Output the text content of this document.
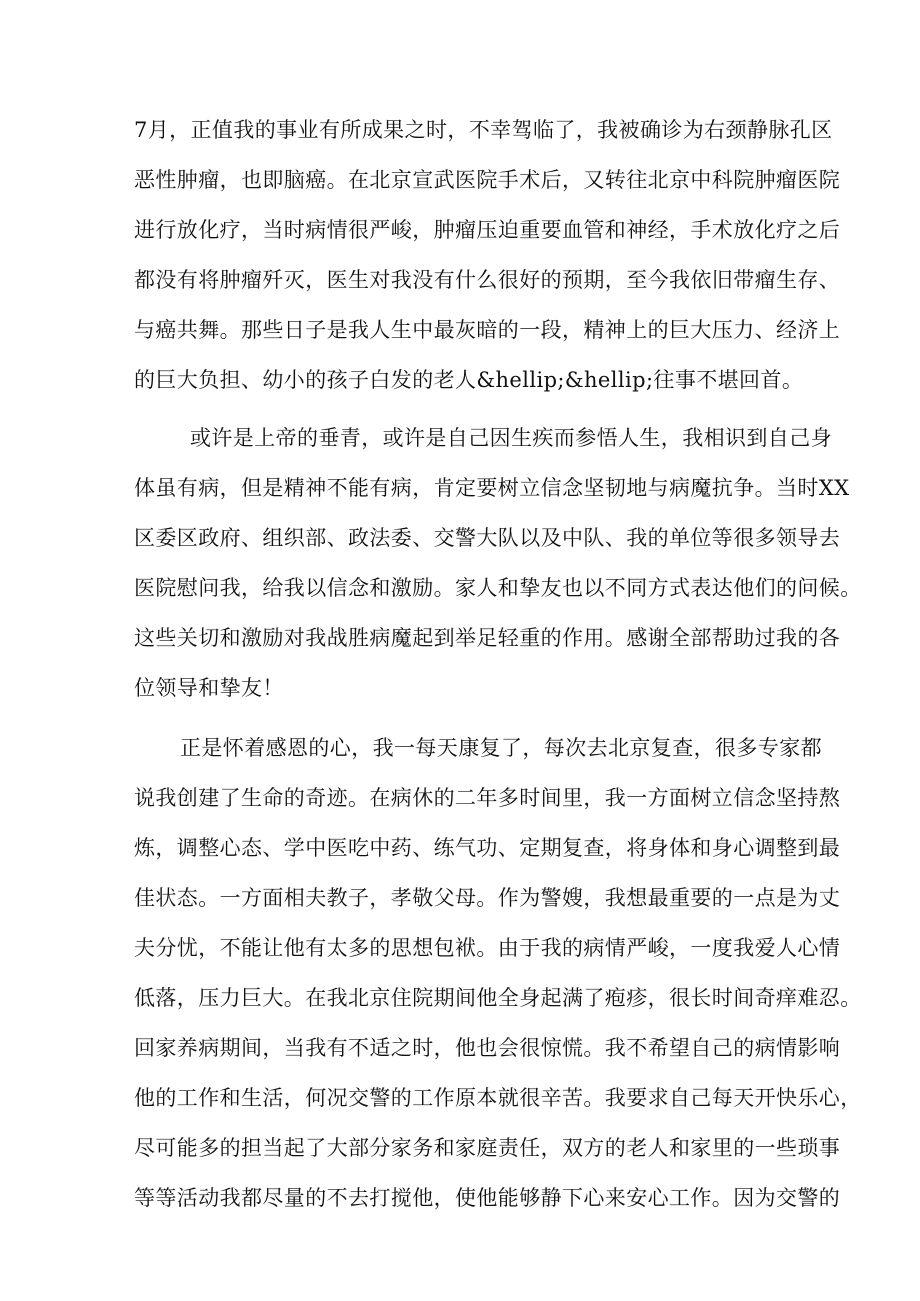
7月，正值我的事业有所成果之时，不幸驾临了，我被确诊为右颈静脉孔区
恶性肿瘤，也即脑癌。在北京宣武医院手术后，又转往北京中科院肿瘤医院
进行放化疗，当时病情很严峻，肿瘤压迫重要血管和神经，手术放化疗之后
都没有将肿瘤歼灭，医生对我没有什么很好的预期，至今我依旧带瘤生存、
与癌共舞。那些日子是我人生中最灰暗的一段，精神上的巨大压力、经济上
的巨大负担、幼小的孩子白发的老人&hellip;&hellip;往事不堪回首。
或许是上帝的垂青，或许是自己因生疾而参悟人生，我相识到自己身
体虽有病，但是精神不能有病，肯定要树立信念坚韧地与病魔抗争。当时XX
区委区政府、组织部、政法委、交警大队以及中队、我的单位等很多领导去
医院慰问我，给我以信念和激励。家人和挚友也以不同方式表达他们的问候。
这些关切和激励对我战胜病魔起到举足轻重的作用。感谢全部帮助过我的各
位领导和挚友！
正是怀着感恩的心，我一每天康复了，每次去北京复查，很多专家都
说我创建了生命的奇迹。在病休的二年多时间里，我一方面树立信念坚持熬
炼，调整心态、学中医吃中药、练气功、定期复查，将身体和身心调整到最
佳状态。一方面相夫教子，孝敬父母。作为警嫂，我想最重要的一点是为丈
夫分忧，不能让他有太多的思想包袱。由于我的病情严峻，一度我爱人心情
低落，压力巨大。在我北京住院期间他全身起满了疱疹，很长时间奇痒难忍。
回家养病期间，当我有不适之时，他也会很惊慌。我不希望自己的病情影响
他的工作和生活，何况交警的工作原本就很辛苦。我要求自己每天开快乐心，
尽可能多的担当起了大部分家务和家庭责任，双方的老人和家里的一些琐事
等等活动我都尽量的不去打搅他，使他能够静下心来安心工作。因为交警的
